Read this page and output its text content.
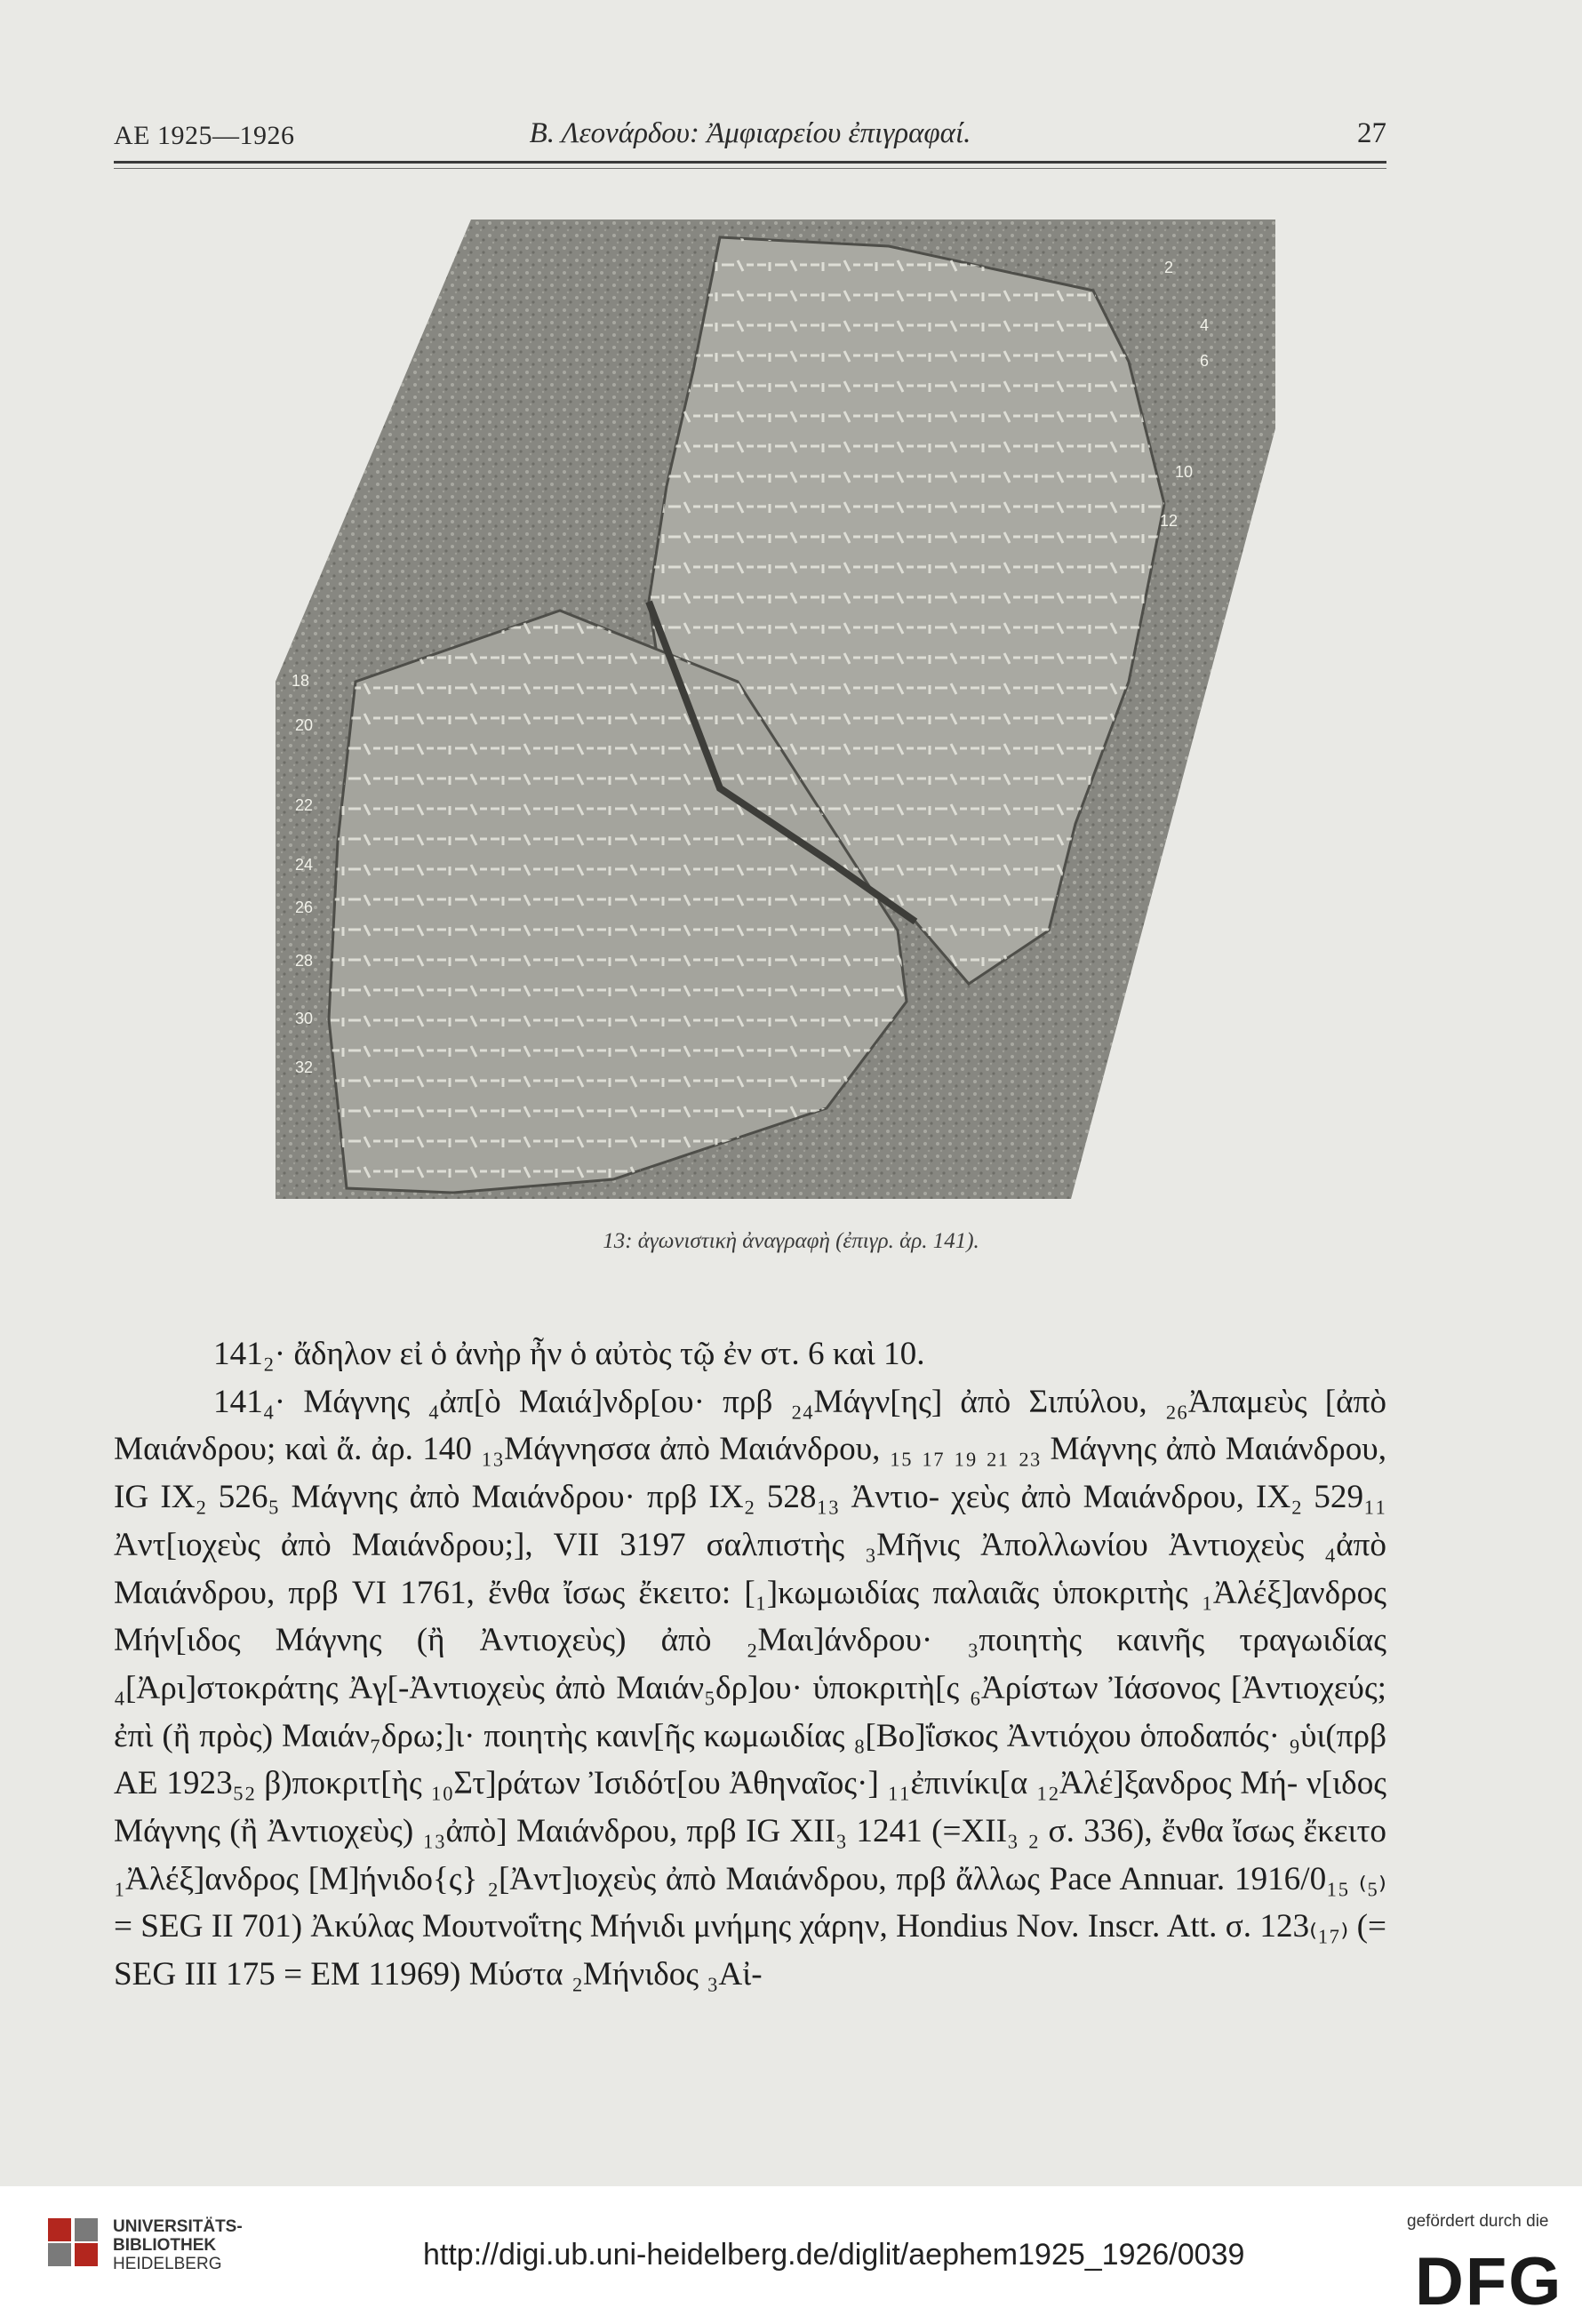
ΑΕ 1925—1926	Β. Λεονάρδου: Ἀμφιαρείου ἐπιγραφαί.	27
2
4
6
10
12
18
20
22
24
26
28
30
32
13: ἀγωνιστικὴ ἀναγραφὴ (ἐπιγρ. ἀρ. 141).

141₂· ἄδηλον εἰ ὁ ἀνὴρ ἦν ὁ αὐτὸς τῷ ἐν στ. 6 καὶ 10.

141₄· Μάγνης ₄ἀπ[ὸ Μαιά]νδρ[ου· πρβ ₂₄Μάγν[ης] ἀπὸ Σιπύλου, ₂₆Ἀπαμεὺς [ἀπὸ Μαιάνδρου; καὶ ἄ. ἀρ. 140 ₁₃Μάγνησσα ἀπὸ Μαιάνδρου, ₁₅ ₁₇ ₁₉ ₂₁ ₂₃ Μάγνης ἀπὸ Μαιάνδρου, IG IX₂ 526₅ Μάγνης ἀπὸ Μαιάνδρου· πρβ IX₂ 528₁₃ Ἀντιο- χεὺς ἀπὸ Μαιάνδρου, IX₂ 529₁₁ Ἀντ[ιοχεὺς ἀπὸ Μαιάνδρου;], VII 3197 σαλπιστὴς ₃Μῆνις Ἀπολλωνίου Ἀντιοχεὺς ₄ἀπὸ Μαιάνδρου, πρβ VI 1761, ἔνθα ἴσως ἔκειτο: [₁]κωμωιδίας παλαιᾶς ὑποκριτὴς ₁Ἀλέξ]ανδρος Μήν[ιδος Μάγνης (ἢ Ἀντιοχεὺς) ἀπὸ ₂Μαι]άνδρου· ₃ποιητὴς καινῆς τραγωιδίας ₄[Ἀρι]στοκράτης Ἀγ[-Ἀντιοχεὺς ἀπὸ Μαιάν₅δρ]ου· ὑποκριτὴ[ς ₆Ἀρίστων Ἰάσονος [Ἀντιοχεύς; ἐπὶ (ἢ πρὸς) Μαιάν₇δρω;]ι· ποιητὴς καιν[ῆς κωμωιδίας ₈[Βο]ΐσκος Ἀντιόχου ὁποδαπός· ₉ὑι(πρβ ΑΕ 1923₅₂ β)ποκριτ[ὴς ₁₀Στ]ράτων Ἰσιδότ[ου Ἀθηναῖος·] ₁₁ἐπινίκι[α ₁₂Ἀλέ]ξανδρος Μή- ν[ιδος Μάγνης (ἢ Ἀντιοχεὺς) ₁₃ἀπὸ] Μαιάνδρου, πρβ IG XII₃ 1241 (=XII₃ ₂ σ. 336), ἔνθα ἴσως ἔκειτο ₁Ἀλέξ]ανδρος [Μ]ήνιδο{ς} ₂[Ἀντ]ιοχεὺς ἀπὸ Μαιάνδρου, πρβ ἄλλως Pace Annuar. 1916/0₁₅ ₍₅₎ = SEG II 701) Ἀκύλας Μουτνοΐτης Μήνιδι μνήμης χάρην, Hondius Nov. Inscr. Att. σ. 123₍₁₇₎ (= SEG III 175 = EM 11969) Μύστα ₂Μήνιδος ₃Αἰ-

UNIVERSITÄTS-
BIBLIOTHEK
HEIDELBERG	http://digi.ub.uni-heidelberg.de/diglit/aephem1925_1926/0039
gefördert durch die
DFG
